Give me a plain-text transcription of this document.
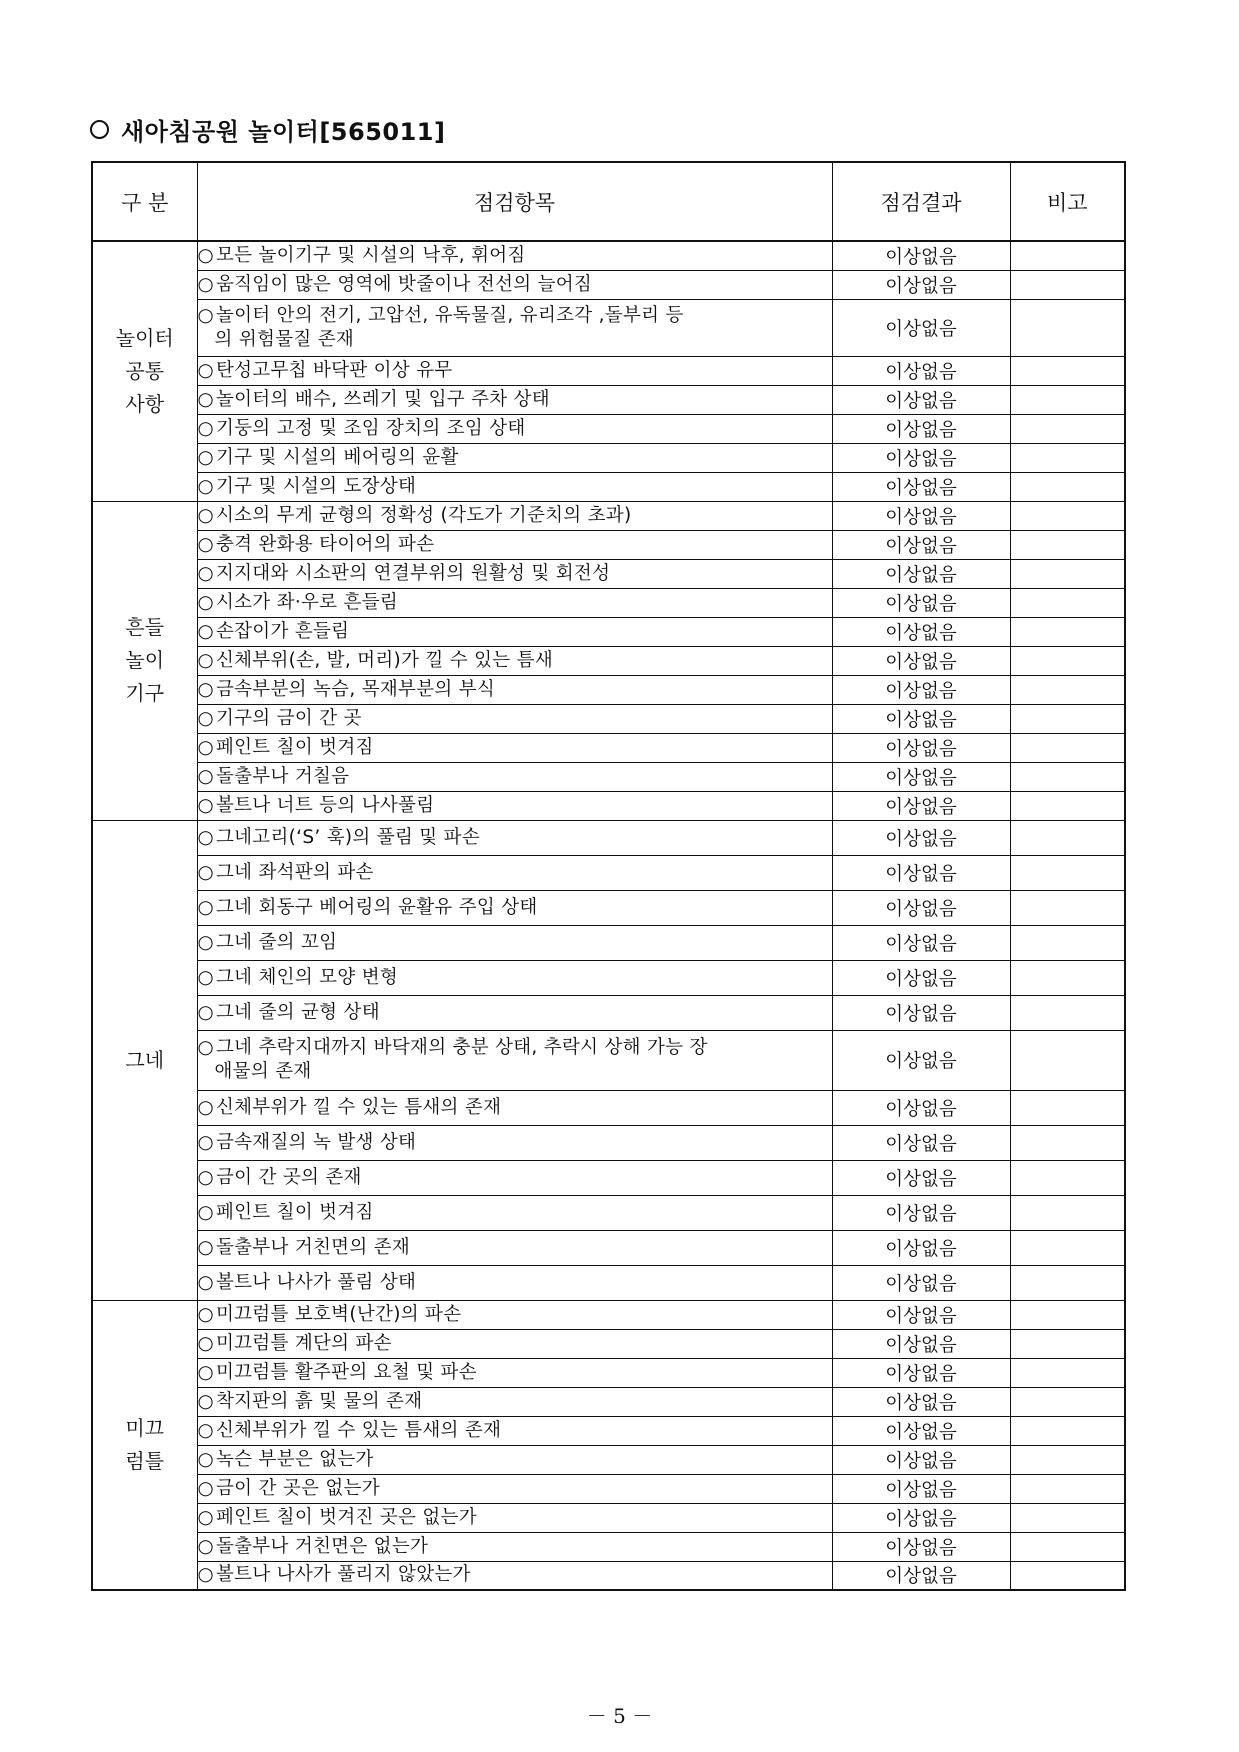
새아침공원 놀이터[565011]
구 분	점검항목	점검결과	비고

놀이터
공통
사항	○ 모든 놀이기구 및 시설의 낙후, 휘어짐	이상없음	
	○ 움직임이 많은 영역에 밧줄이나 전선의 늘어짐	이상없음	
	○ 놀이터 안의 전기, 고압선, 유독물질, 유리조각 ,돌부리 등
의 위험물질 존재	이상없음	
	○ 탄성고무칩 바닥판 이상 유무	이상없음	
	○ 놀이터의 배수, 쓰레기 및 입구 주차 상태	이상없음	
	○ 기둥의 고정 및 조임 장치의 조임 상태	이상없음	
	○ 기구 및 시설의 베어링의 윤활	이상없음	
	○ 기구 및 시설의 도장상태	이상없음	

흔들
놀이
기구	○ 시소의 무게 균형의 정확성 (각도가 기준치의 초과)	이상없음	
	○ 충격 완화용 타이어의 파손	이상없음	
	○ 지지대와 시소판의 연결부위의 원활성 및 회전성	이상없음	
	○ 시소가 좌·우로 흔들림	이상없음	
	○ 손잡이가 흔들림	이상없음	
	○ 신체부위(손, 발, 머리)가 낄 수 있는 틈새	이상없음	
	○ 금속부분의 녹슴, 목재부분의 부식	이상없음	
	○ 기구의 금이 간 곳	이상없음	
	○ 페인트 칠이 벗겨짐	이상없음	
	○ 돌출부나 거칠음	이상없음	
	○ 볼트나 너트 등의 나사풀림	이상없음	

그네	○ 그네고리(‘S’ 훅)의 풀림 및 파손	이상없음	
	○ 그네 좌석판의 파손	이상없음	
	○ 그네 회동구 베어링의 윤활유 주입 상태	이상없음	
	○ 그네 줄의 꼬임	이상없음	
	○ 그네 체인의 모양 변형	이상없음	
	○ 그네 줄의 균형 상태	이상없음	
	○ 그네 추락지대까지 바닥재의 충분 상태, 추락시 상해 가능 장
애물의 존재	이상없음	
	○ 신체부위가 낄 수 있는 틈새의 존재	이상없음	
	○ 금속재질의 녹 발생 상태	이상없음	
	○ 금이 간 곳의 존재	이상없음	
	○ 페인트 칠이 벗겨짐	이상없음	
	○ 돌출부나 거친면의 존재	이상없음	
	○ 볼트나 나사가 풀림 상태	이상없음	

미끄
럼틀	○ 미끄럼틀 보호벽(난간)의 파손	이상없음	
	○ 미끄럼틀 계단의 파손	이상없음	
	○ 미끄럼틀 활주판의 요철 및 파손	이상없음	
	○ 착지판의 흙 및 물의 존재	이상없음	
	○ 신체부위가 낄 수 있는 틈새의 존재	이상없음	
	○ 녹슨 부분은 없는가	이상없음	
	○ 금이 간 곳은 없는가	이상없음	
	○ 페인트 칠이 벗겨진 곳은 없는가	이상없음	
	○ 돌출부나 거친면은 없는가	이상없음	
	○ 볼트나 나사가 풀리지 않았는가	이상없음	
－ 5 －
